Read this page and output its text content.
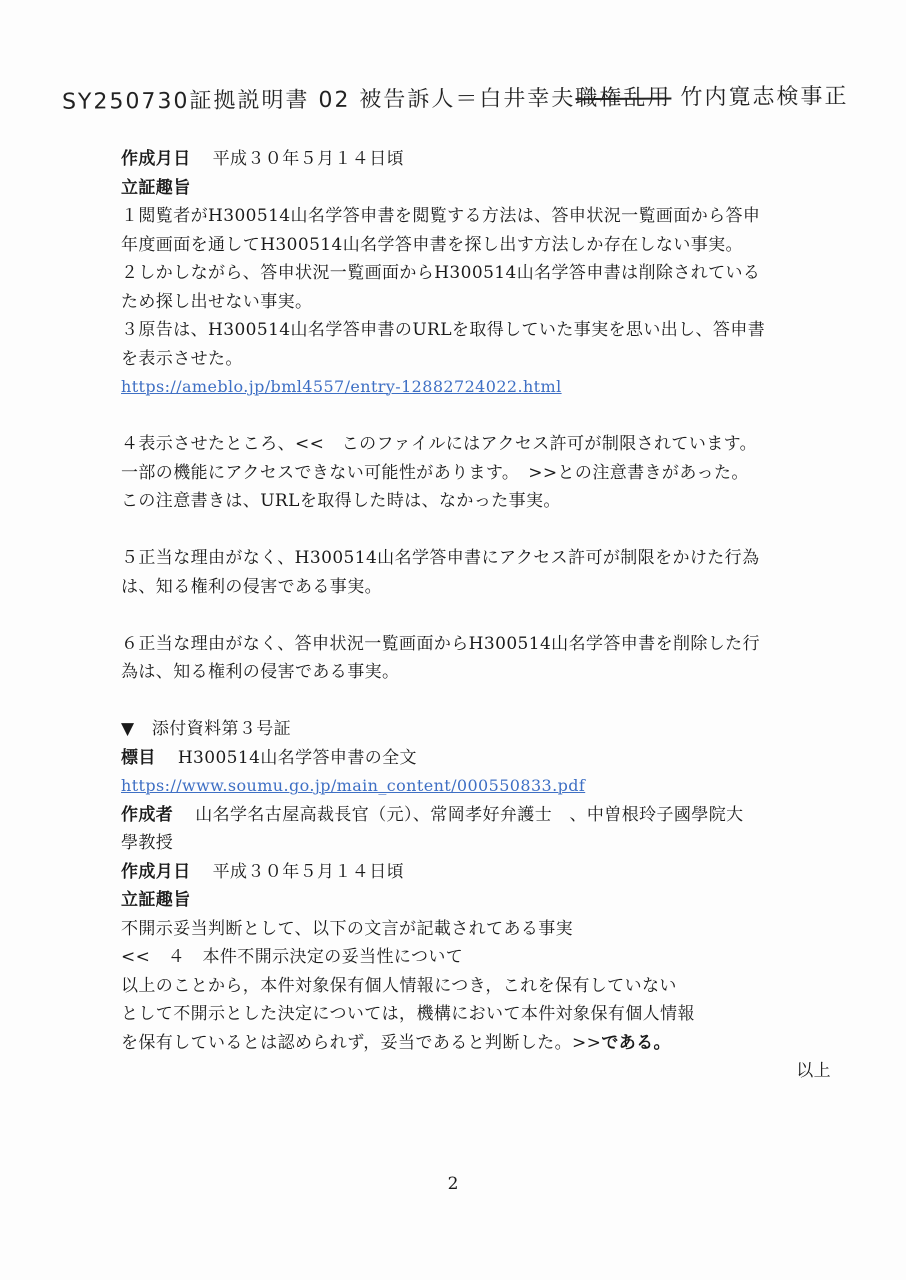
SY250730証拠説明書 02 被告訴人＝白井幸夫職権乱用 竹内寛志検事正
作成月日 平成３０年５月１４日頃
立証趣旨
１閲覧者がH300514山名学答申書を閲覧する方法は、答申状況一覧画面から答申
年度画面を通してH300514山名学答申書を探し出す方法しか存在しない事実。
２しかしながら、答申状況一覧画面からH300514山名学答申書は削除されている
ため探し出せない事実。
３原告は、H300514山名学答申書のURLを取得していた事実を思い出し、答申書
を表示させた。
https://ameblo.jp/bml4557/entry-12882724022.html
４表示させたところ、<<　このファイルにはアクセス許可が制限されています。
一部の機能にアクセスできない可能性があります。　>>との注意書きがあった。
この注意書きは、URLを取得した時は、なかった事実。
５正当な理由がなく、H300514山名学答申書にアクセス許可が制限をかけた行為
は、知る権利の侵害である事実。
６正当な理由がなく、答申状況一覧画面からH300514山名学答申書を削除した行
為は、知る権利の侵害である事実。
▼　添付資料第３号証
標目 H300514山名学答申書の全文
https://www.soumu.go.jp/main_content/000550833.pdf
作成者 山名学名古屋高裁長官（元）、常岡孝好弁護士　、中曽根玲子國學院大
學教授
作成月日 平成３０年５月１４日頃
立証趣旨
不開示妥当判断として、以下の文言が記載されてある事実
<<　４　本件不開示決定の妥当性について
以上のことから，本件対象保有個人情報につき，これを保有していない
として不開示とした決定については，機構において本件対象保有個人情報
を保有しているとは認められず，妥当であると判断した。>>である。
以上
2
